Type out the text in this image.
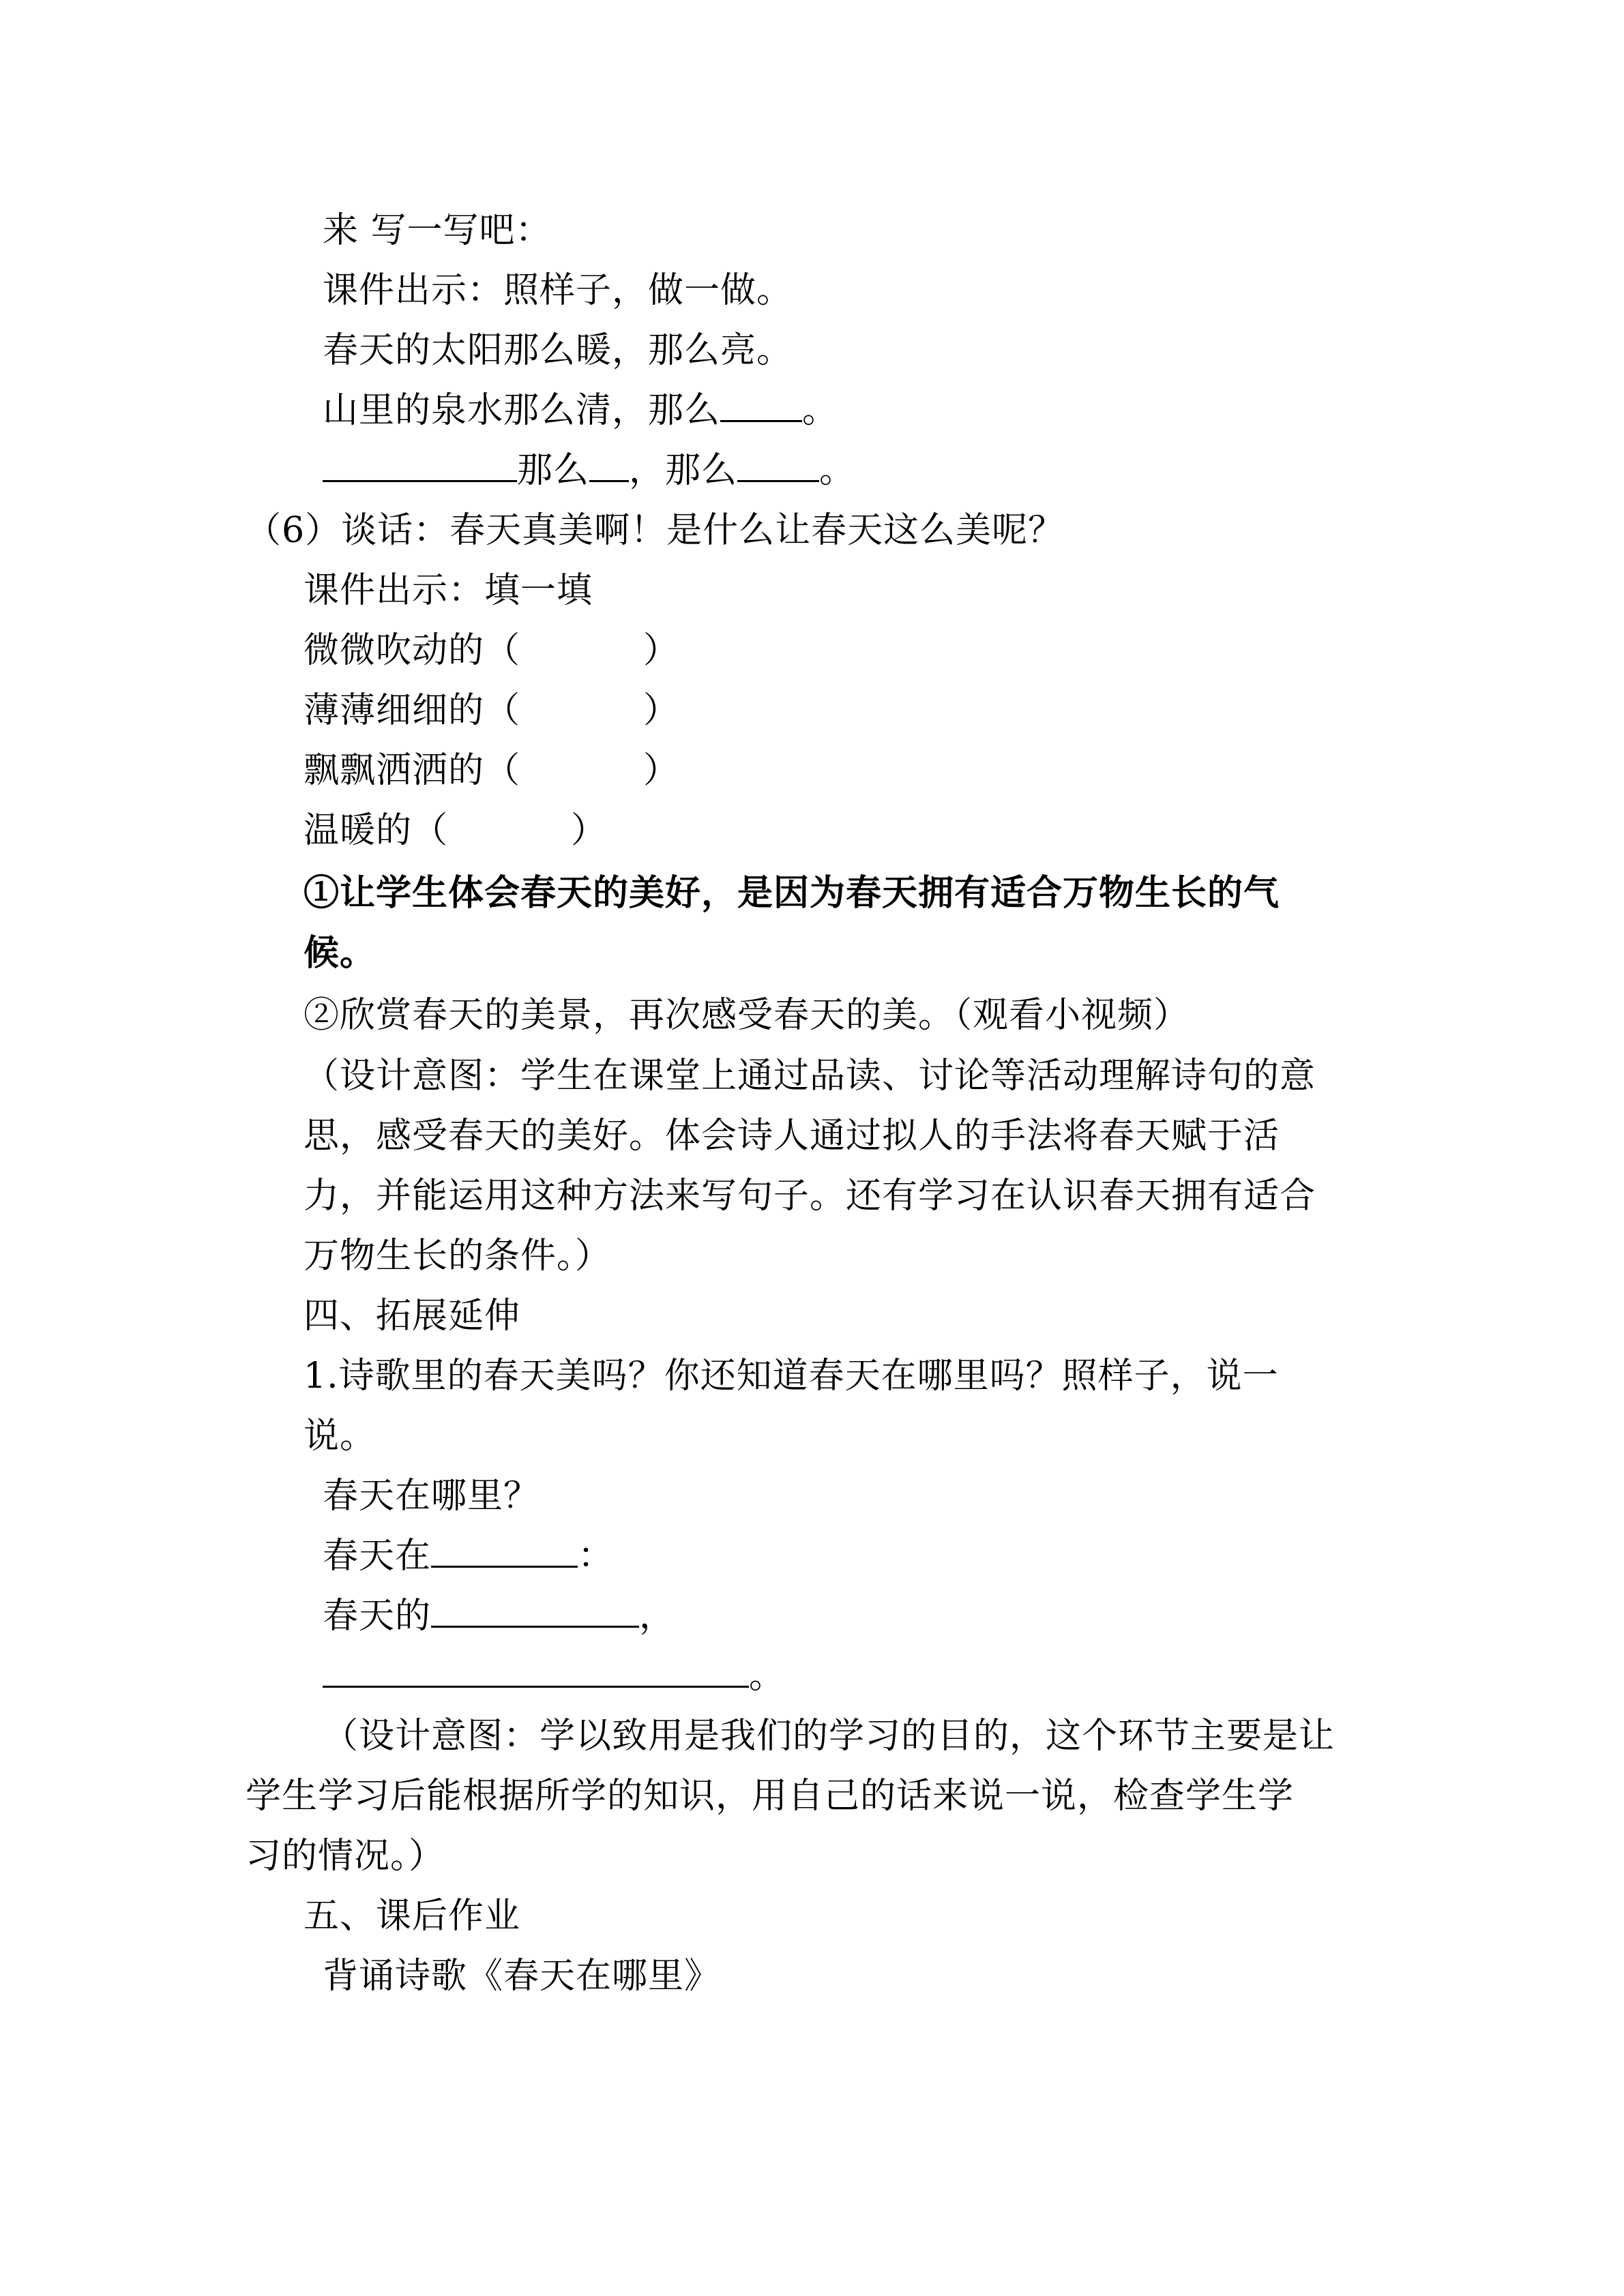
来 写一写吧：
课件出示：照样子，做一做。
春天的太阳那么暖，那么亮。
山里的泉水那么清，那么 。
那么 ，那么 。
（6）谈话：春天真美啊！是什么让春天这么美呢？
课件出示：填一填
微微吹动的（	）
薄薄细细的（	）
飘飘洒洒的（	）
温暖的（	）
①让学生体会春天的美好，是因为春天拥有适合万物生长的气
候。
②欣赏春天的美景，再次感受春天的美。（观看小视频）
（设计意图：学生在课堂上通过品读、讨论等活动理解诗句的意
思，感受春天的美好。体会诗人通过拟人的手法将春天赋于活
力，并能运用这种方法来写句子。还有学习在认识春天拥有适合
万物生长的条件。）
四、拓展延伸
1.诗歌里的春天美吗？你还知道春天在哪里吗？照样子，说一
说。
春天在哪里？
春天在	：
春天的	，
。
（设计意图：学以致用是我们的学习的目的，这个环节主要是让
学生学习后能根据所学的知识，用自己的话来说一说，检查学生学
习的情况。）
五、课后作业
背诵诗歌《春天在哪里》
